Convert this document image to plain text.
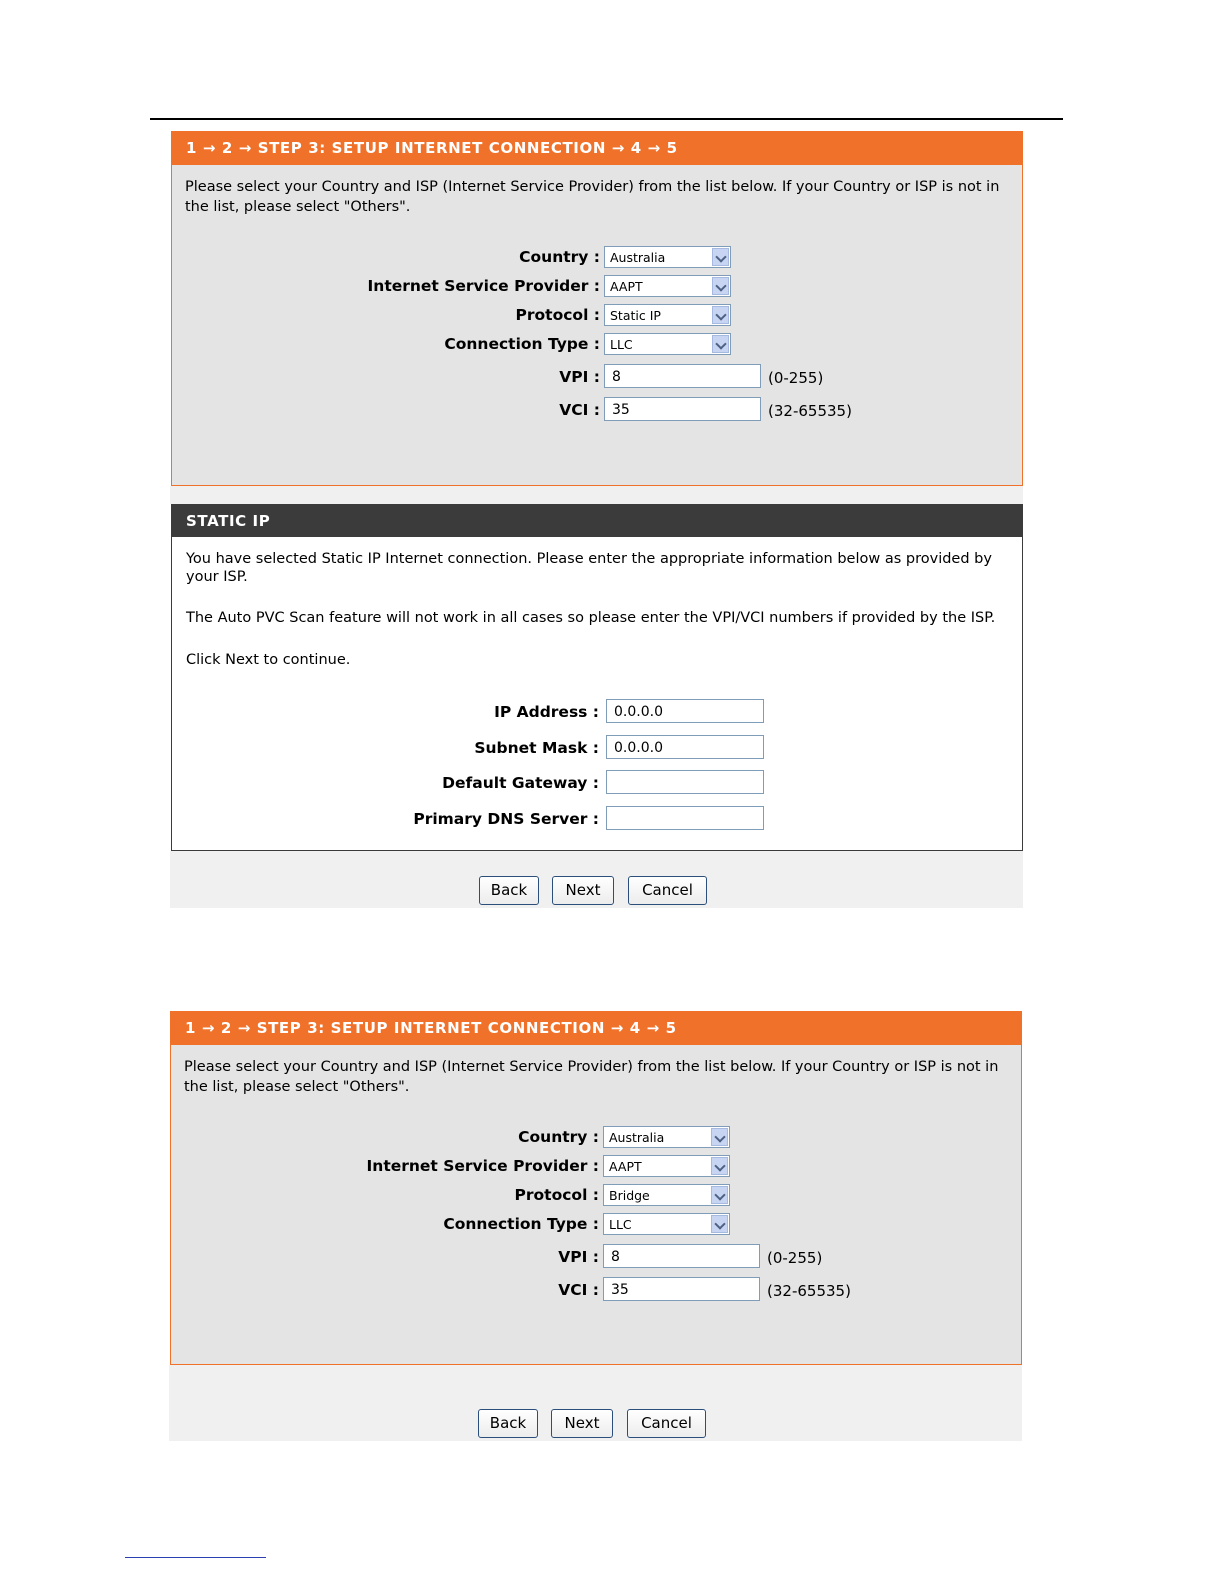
1 → 2 → STEP 3: SETUP INTERNET CONNECTION → 4 → 5
Please select your Country and ISP (Internet Service Provider) from the list below. If your Country or ISP is not in the list, please select "Others".
Country : Australia
Internet Service Provider : AAPT
Protocol : Static IP
Connection Type : LLC
VPI : 8	(0-255)
VCI : 35	(32-65535)
STATIC IP
You have selected Static IP Internet connection. Please enter the appropriate information below as provided by your ISP.
The Auto PVC Scan feature will not work in all cases so please enter the VPI/VCI numbers if provided by the ISP.
Click Next to continue.
IP Address : 0.0.0.0
Subnet Mask : 0.0.0.0
Default Gateway :
Primary DNS Server :
Back	Next	Cancel
1 → 2 → STEP 3: SETUP INTERNET CONNECTION → 4 → 5
Please select your Country and ISP (Internet Service Provider) from the list below. If your Country or ISP is not in the list, please select "Others".
Country : Australia
Internet Service Provider : AAPT
Protocol : Bridge
Connection Type : LLC
VPI : 8	(0-255)
VCI : 35	(32-65535)
Back	Next	Cancel
